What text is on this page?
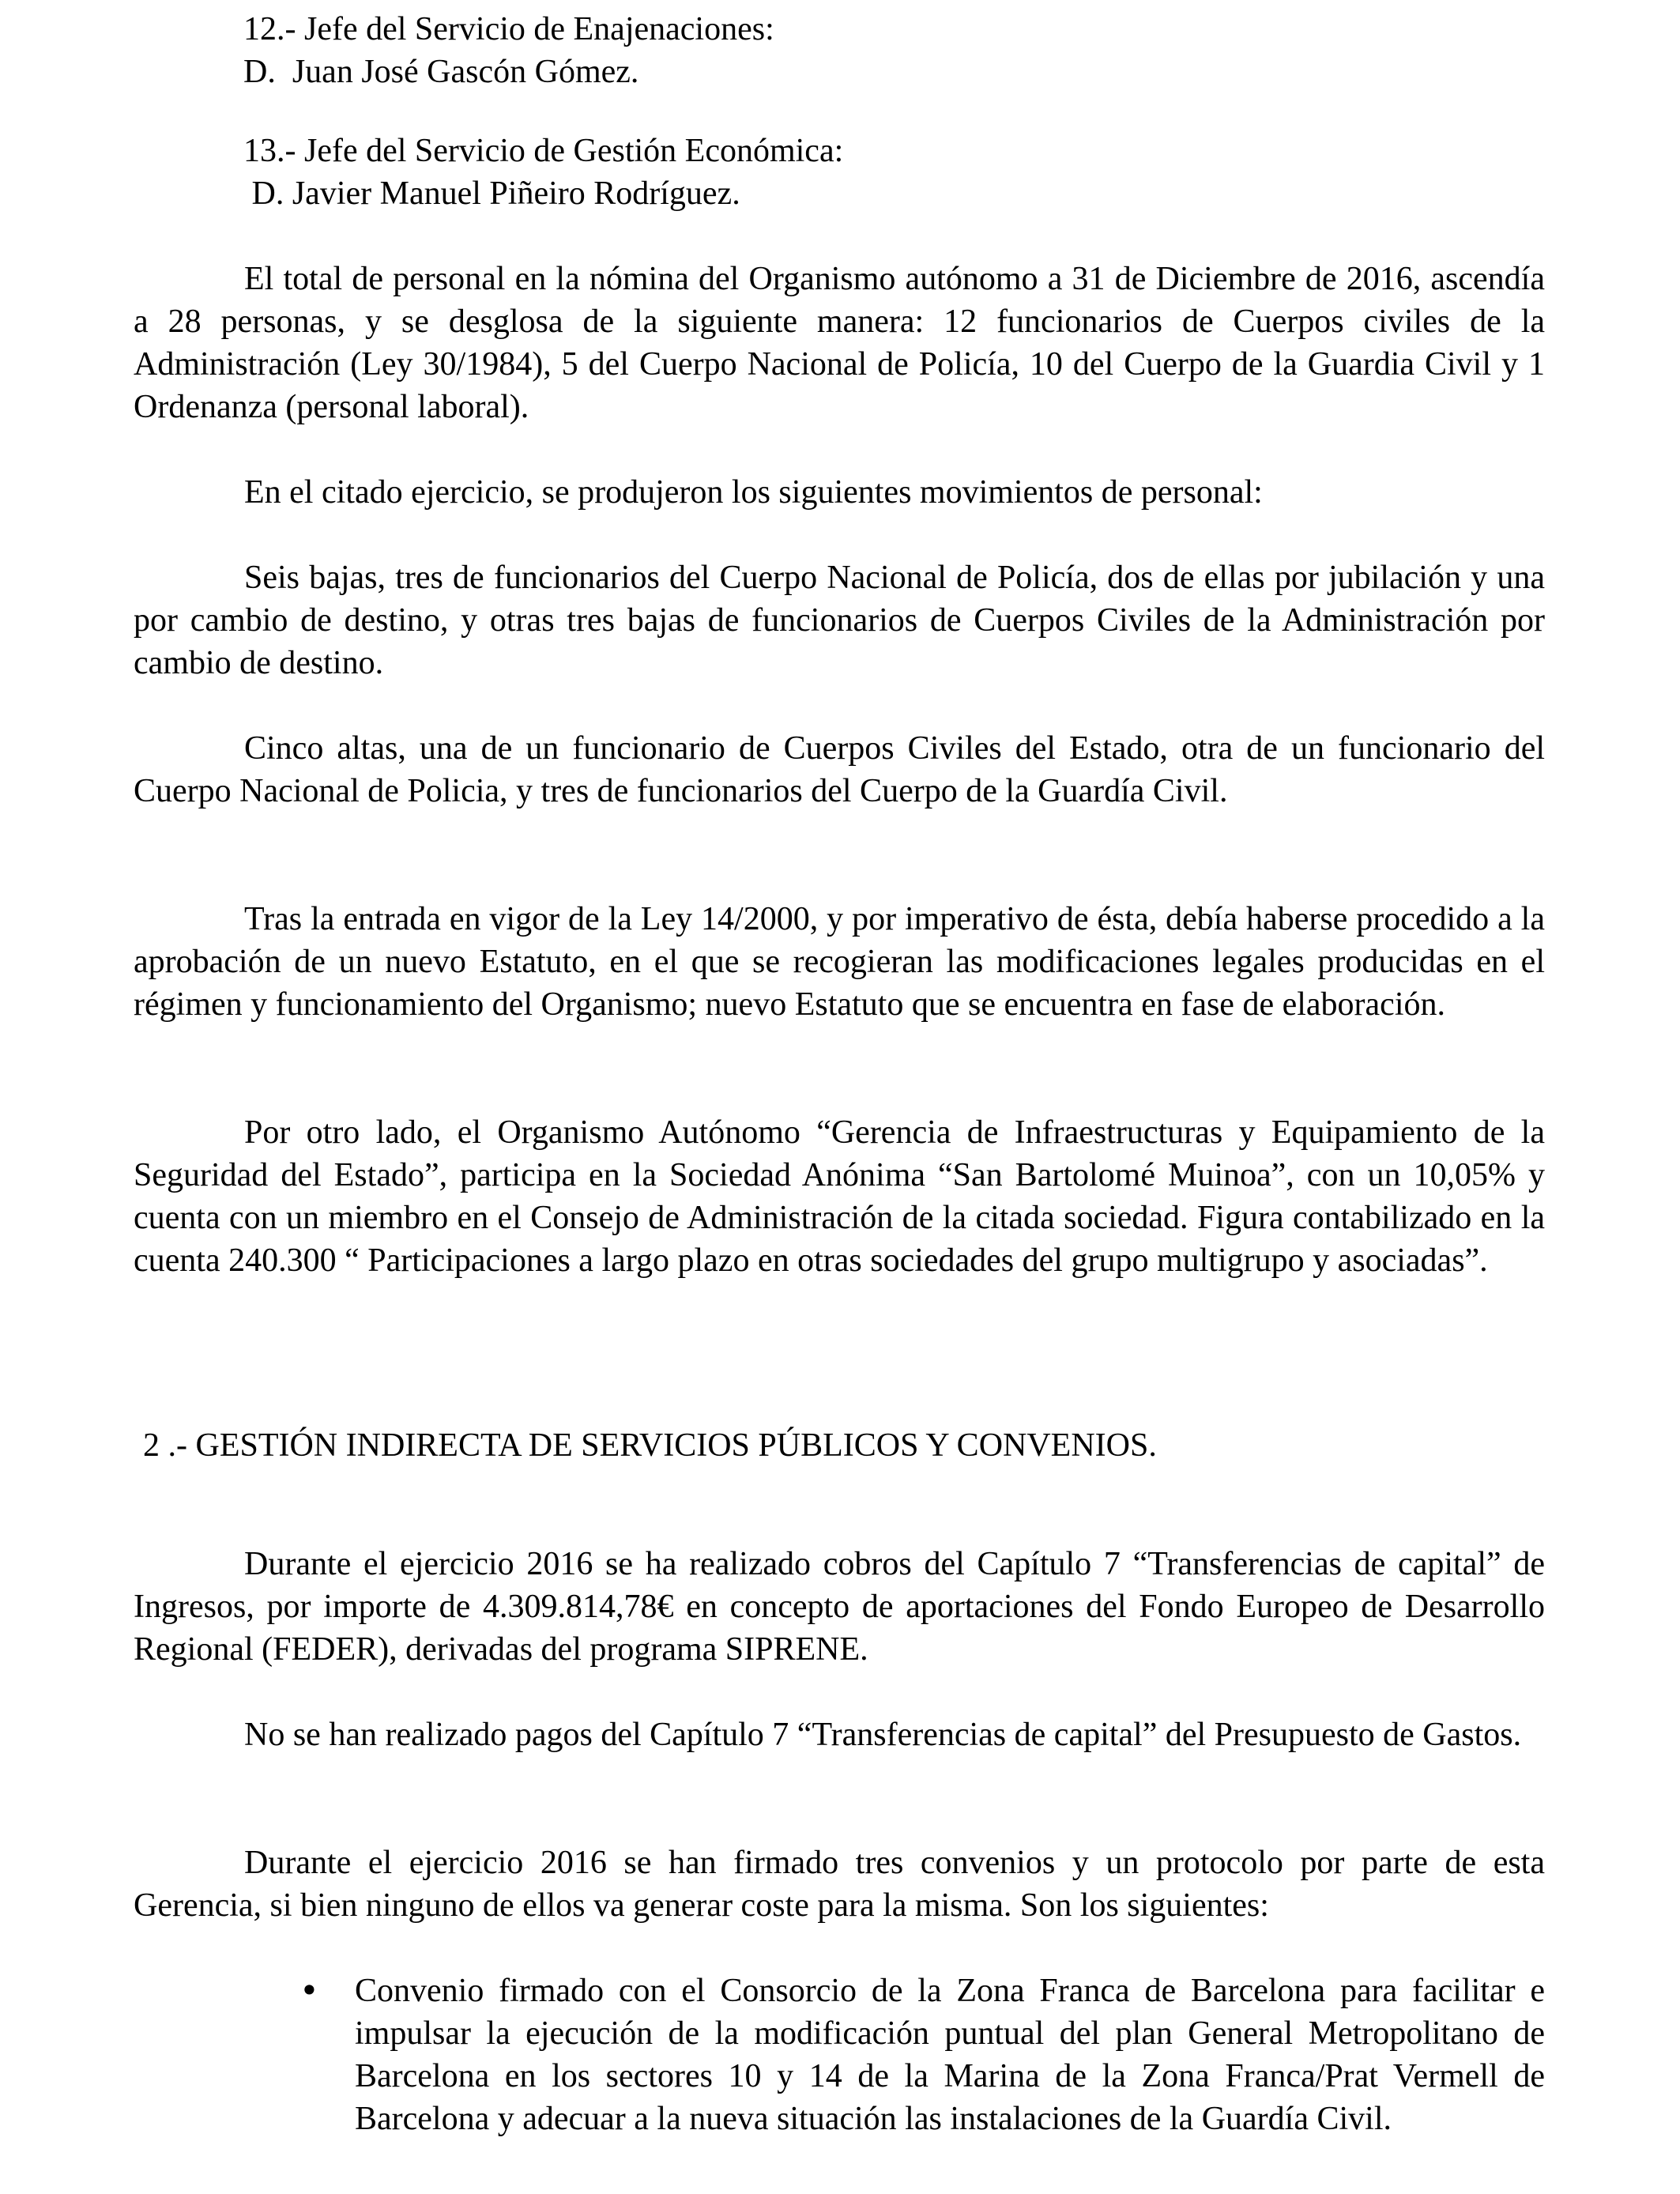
12.- Jefe del Servicio de Enajenaciones:

D.  Juan José Gascón Gómez.

13.- Jefe del Servicio de Gestión Económica:

D. Javier Manuel Piñeiro Rodríguez.

El total de personal en la nómina del Organismo autónomo a 31 de Diciembre de 2016, ascendía a 28 personas, y se desglosa de la siguiente manera: 12 funcionarios de Cuerpos civiles de la Administración (Ley 30/1984), 5 del Cuerpo Nacional de Policía, 10 del Cuerpo de la Guardia Civil y 1 Ordenanza (personal laboral).

En el citado ejercicio, se produjeron los siguientes movimientos de personal:

Seis bajas, tres de funcionarios del Cuerpo Nacional de Policía, dos de ellas por jubilación y una por cambio de destino, y otras tres bajas de funcionarios de Cuerpos Civiles de la Administración por cambio de destino.

Cinco altas, una de un funcionario de Cuerpos Civiles del Estado, otra de un funcionario del Cuerpo Nacional de Policia, y tres de funcionarios del Cuerpo de la Guardía Civil.

Tras la entrada en vigor de la Ley 14/2000, y por imperativo de ésta, debía haberse procedido a la aprobación de un nuevo Estatuto, en el que se recogieran las modificaciones legales producidas en el régimen y funcionamiento del Organismo; nuevo Estatuto que se encuentra en fase de elaboración.

Por otro lado, el Organismo Autónomo “Gerencia de Infraestructuras y Equipamiento de la Seguridad del Estado”, participa en la Sociedad Anónima “San Bartolomé Muinoa”, con un 10,05% y cuenta con un miembro en el Consejo de Administración de la citada sociedad. Figura contabilizado en la cuenta 240.300 “ Participaciones a largo plazo en otras sociedades del grupo multigrupo y asociadas”.

2 .- GESTIÓN INDIRECTA DE SERVICIOS PÚBLICOS Y CONVENIOS.

Durante el ejercicio 2016 se ha realizado cobros del Capítulo 7 “Transferencias de capital” de Ingresos, por importe de 4.309.814,78€ en concepto de aportaciones del Fondo Europeo de Desarrollo Regional (FEDER), derivadas del programa SIPRENE.

No se han realizado pagos del Capítulo 7 “Transferencias de capital” del Presupuesto de Gastos.

Durante el ejercicio 2016 se han firmado tres convenios y un protocolo por parte de esta Gerencia, si bien ninguno de ellos va generar coste para la misma. Son los siguientes:

• Convenio firmado con el Consorcio de la Zona Franca de Barcelona para facilitar e impulsar la ejecución de la modificación puntual del plan General Metropolitano de Barcelona en los sectores 10 y 14 de la Marina de la Zona Franca/Prat Vermell de Barcelona y adecuar a la nueva situación las instalaciones de la Guardía Civil.
